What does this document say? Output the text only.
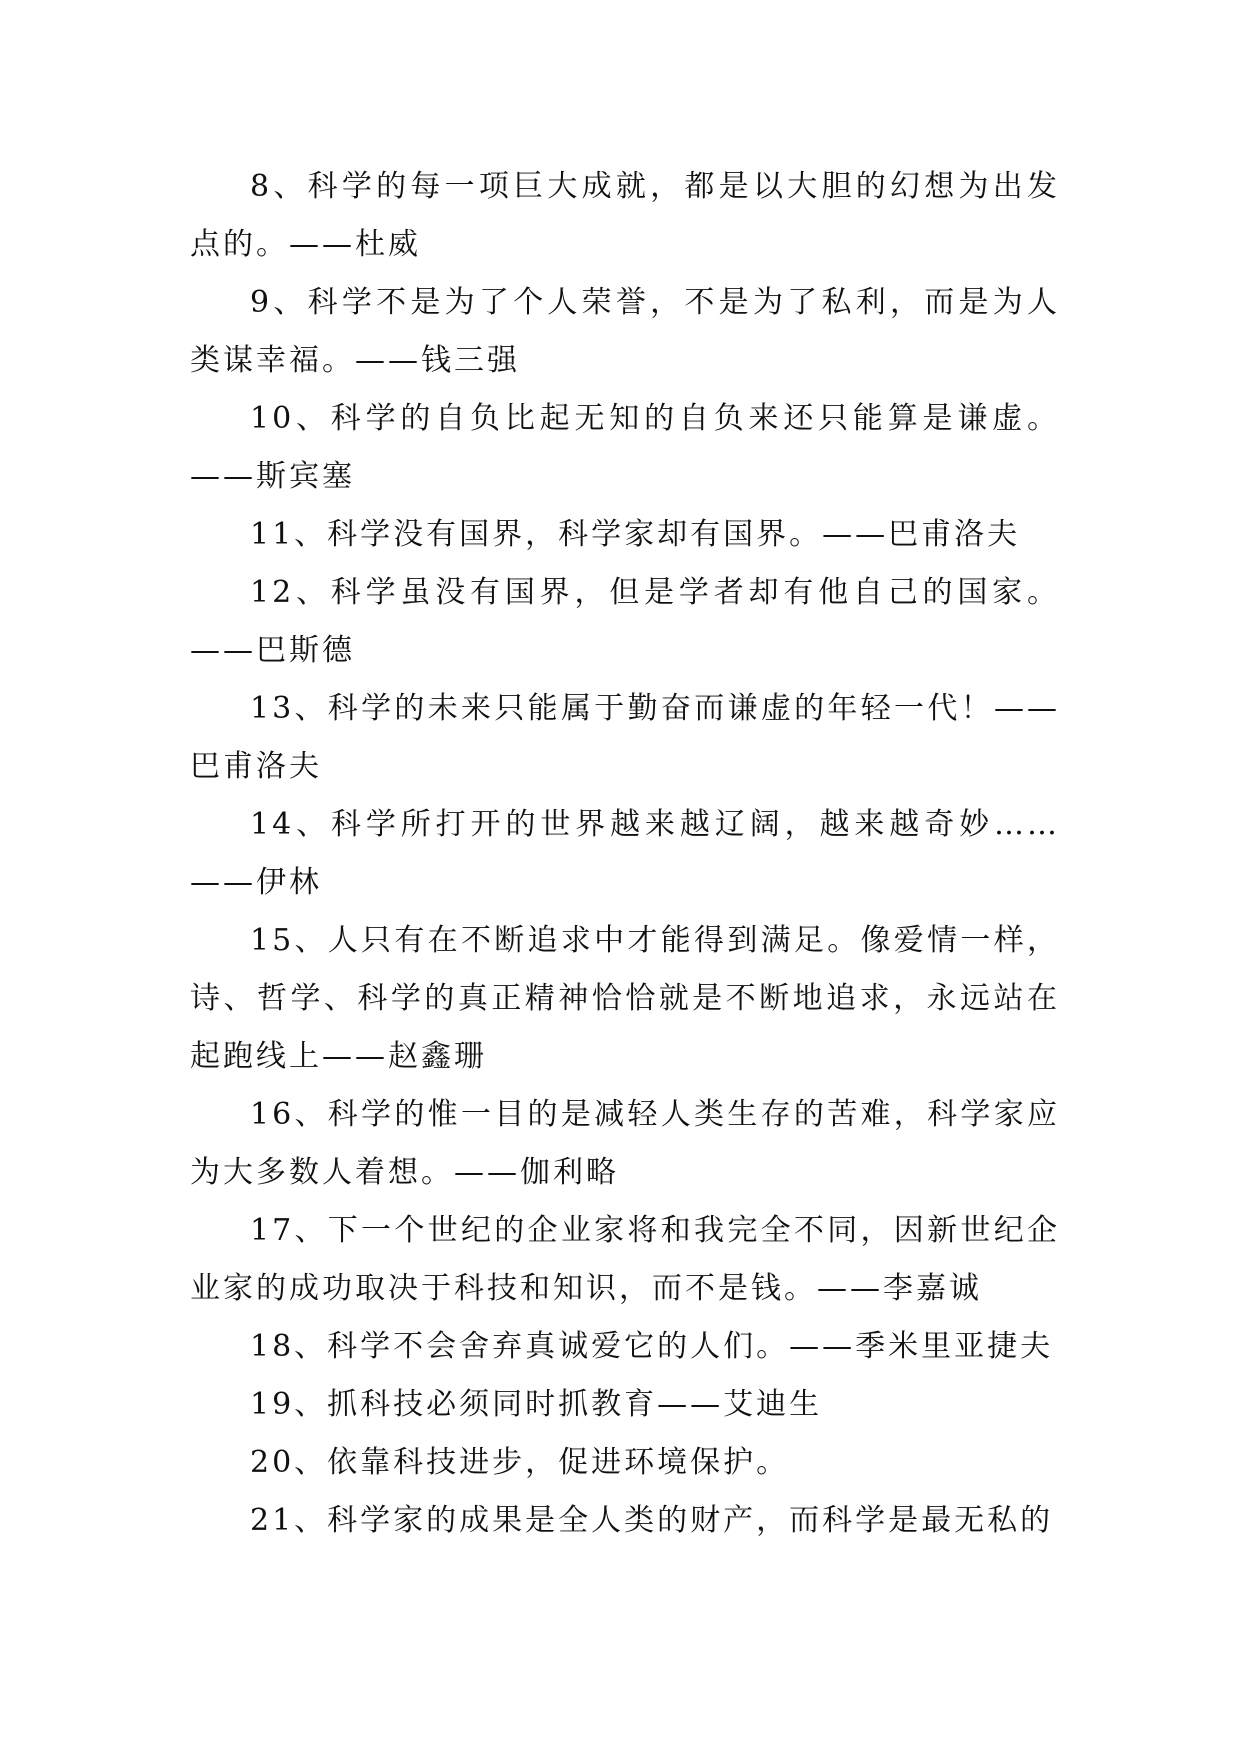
8、科学的每一项巨大成就，都是以大胆的幻想为出发点的。——杜威

9、科学不是为了个人荣誉，不是为了私利，而是为人类谋幸福。——钱三强

10、科学的自负比起无知的自负来还只能算是谦虚。——斯宾塞

11、科学没有国界，科学家却有国界。——巴甫洛夫

12、科学虽没有国界，但是学者却有他自己的国家。——巴斯德

13、科学的未来只能属于勤奋而谦虚的年轻一代！——巴甫洛夫

14、科学所打开的世界越来越辽阔，越来越奇妙……——伊林

15、人只有在不断追求中才能得到满足。像爱情一样，诗、哲学、科学的真正精神恰恰就是不断地追求，永远站在起跑线上——赵鑫珊

16、科学的惟一目的是减轻人类生存的苦难，科学家应为大多数人着想。——伽利略

17、下一个世纪的企业家将和我完全不同，因新世纪企业家的成功取决于科技和知识，而不是钱。——李嘉诚

18、科学不会舍弃真诚爱它的人们。——季米里亚捷夫

19、抓科技必须同时抓教育——艾迪生

20、依靠科技进步，促进环境保护。

21、科学家的成果是全人类的财产，而科学是最无私的
